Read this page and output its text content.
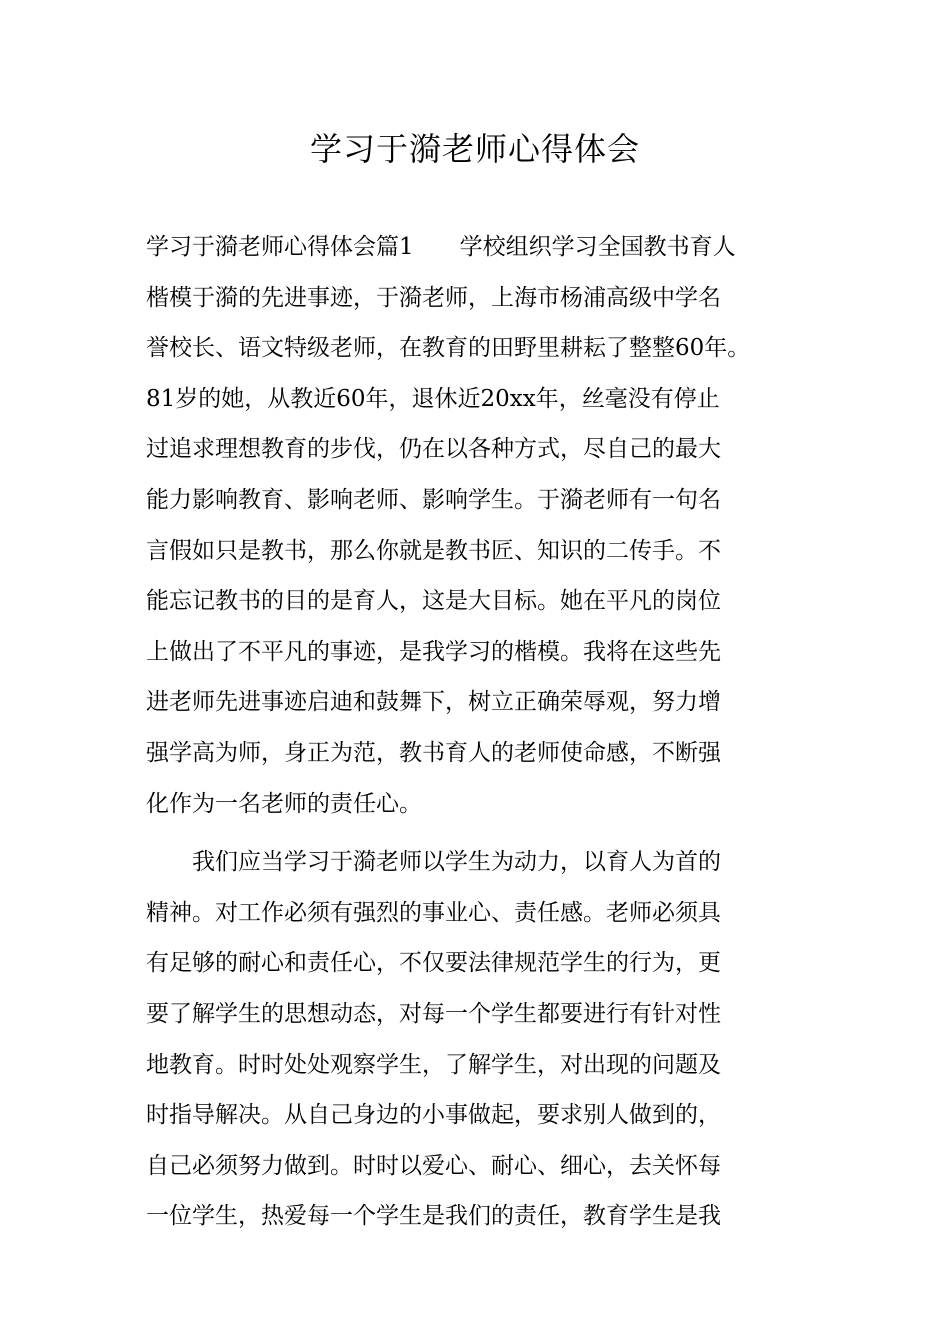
学习于漪老师心得体会
学习于漪老师心得体会篇1　　学校组织学习全国教书育人
楷模于漪的先进事迹，于漪老师，上海市杨浦高级中学名
誉校长、语文特级老师，在教育的田野里耕耘了整整60年。
81岁的她，从教近60年，退休近20xx年，丝毫没有停止
过追求理想教育的步伐，仍在以各种方式，尽自己的最大
能力影响教育、影响老师、影响学生。于漪老师有一句名
言假如只是教书，那么你就是教书匠、知识的二传手。不
能忘记教书的目的是育人，这是大目标。她在平凡的岗位
上做出了不平凡的事迹，是我学习的楷模。我将在这些先
进老师先进事迹启迪和鼓舞下，树立正确荣辱观，努力增
强学高为师，身正为范，教书育人的老师使命感，不断强
化作为一名老师的责任心。
　　我们应当学习于漪老师以学生为动力，以育人为首的
精神。对工作必须有强烈的事业心、责任感。老师必须具
有足够的耐心和责任心，不仅要法律规范学生的行为，更
要了解学生的思想动态，对每一个学生都要进行有针对性
地教育。时时处处观察学生，了解学生，对出现的问题及
时指导解决。从自己身边的小事做起，要求别人做到的，
自己必须努力做到。时时以爱心、耐心、细心，去关怀每
一位学生，热爱每一个学生是我们的责任，教育学生是我
